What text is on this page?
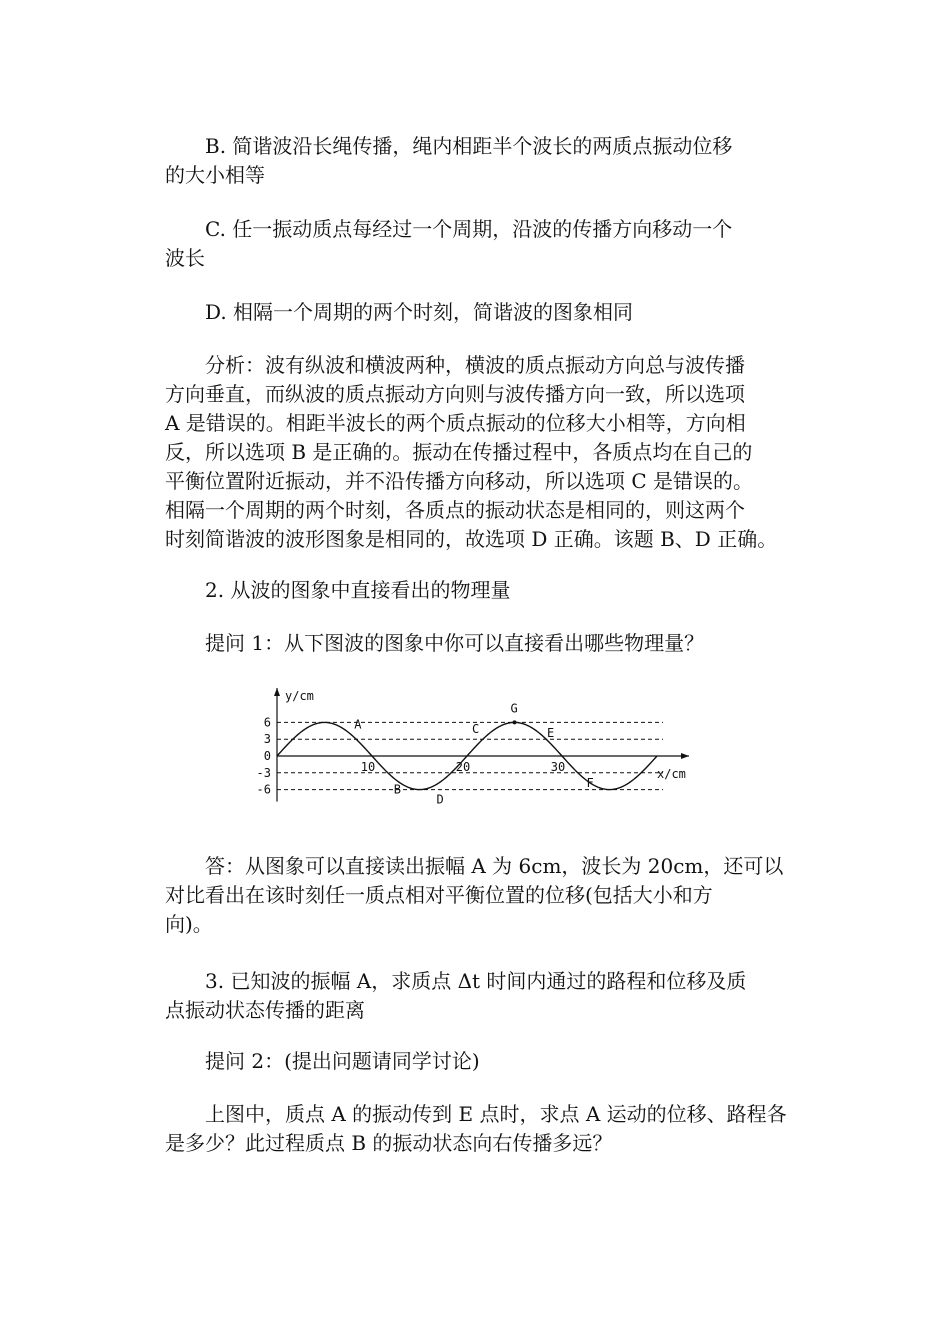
B. 简谐波沿长绳传播，绳内相距半个波长的两质点振动位移
的大小相等
C. 任一振动质点每经过一个周期，沿波的传播方向移动一个
波长
D. 相隔一个周期的两个时刻，简谐波的图象相同
分析：波有纵波和横波两种，横波的质点振动方向总与波传播
方向垂直，而纵波的质点振动方向则与波传播方向一致，所以选项
A 是错误的。相距半波长的两个质点振动的位移大小相等，方向相
反，所以选项 B 是正确的。振动在传播过程中，各质点均在自己的
平衡位置附近振动，并不沿传播方向移动，所以选项 C 是错误的。
相隔一个周期的两个时刻，各质点的振动状态是相同的，则这两个
时刻简谐波的波形图象是相同的，故选项 D 正确。该题 B、D 正确。
2. 从波的图象中直接看出的物理量
提问 1：从下图波的图象中你可以直接看出哪些物理量？
y/cm
x/cm
6
3
0
-3
-6
10	20	30
A
B
D
C
G
E
F
答：从图象可以直接读出振幅 A 为 6cm，波长为 20cm，还可以
对比看出在该时刻任一质点相对平衡位置的位移(包括大小和方
向)。
3. 已知波的振幅 A，求质点 Δt 时间内通过的路程和位移及质
点振动状态传播的距离
提问 2：(提出问题请同学讨论)
上图中，质点 A 的振动传到 E 点时，求点 A 运动的位移、路程各
是多少？此过程质点 B 的振动状态向右传播多远？
